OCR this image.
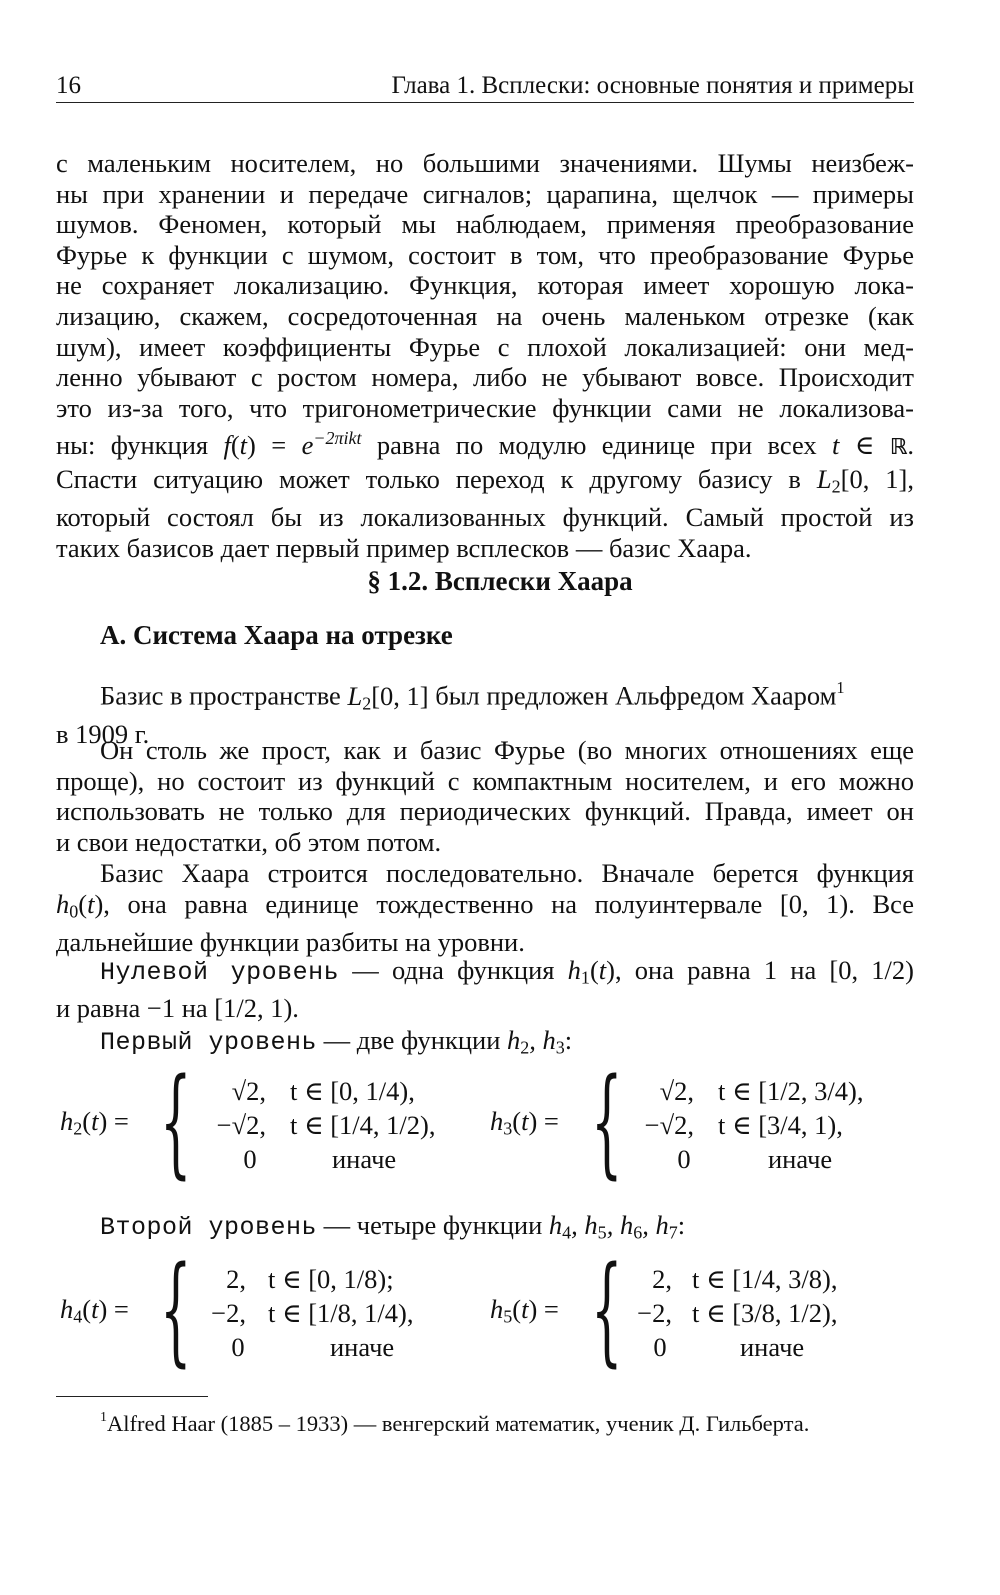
16	Глава 1. Всплески: основные понятия и примеры
с маленьким носителем, но большими значениями. Шумы неизбеж-
ны при хранении и передаче сигналов; царапина, щелчок — примеры
шумов. Феномен, который мы наблюдаем, применяя преобразование
Фурье к функции с шумом, состоит в том, что преобразование Фурье
не сохраняет локализацию. Функция, которая имеет хорошую лока-
лизацию, скажем, сосредоточенная на очень маленьком отрезке (как
шум), имеет коэффициенты Фурье с плохой локализацией: они мед-
ленно убывают с ростом номера, либо не убывают вовсе. Происходит
это из-за того, что тригонометрические функции сами не локализова-
ны: функция $f(t) = e^{-2\pi ikt}$ равна по модулю единице при всех t ∈ ℝ.
Спасти ситуацию может только переход к другому базису в $L_2[0$, 1],
который состоял бы из локализованных функций. Самый простой из
таких базисов дает первый пример всплесков — базис Хаара.
§ 1.2. Всплески Хаара
A. Система Хаара на отрезке
Базис в пространстве $L_2[0$, 1] был предложен Альфредом Хааром$^1$
в 1909 г.
Он столь же прост, как и базис Фурье (во многих отношениях еще
проще), но состоит из функций с компактным носителем, и его можно
использовать не только для периодических функций. Правда, имеет он
и свои недостатки, об этом потом.
Базис Хаара строится последовательно. Вначале берется функция
$h_0(t)$, она равна единице тождественно на полуинтервале [0, 1). Все
дальнейшие функции разбиты на уровни.
Нулевой уровень — одна функция $h_1(t)$, она равна 1 на [0, 1/2)
и равна −1 на [1/2, 1).
Первый уровень — две функции $h_2$, $h_3$:
$h_2(t)$ = {	√2, t ∈ [0, 1/4),
−√2, t ∈ [1/4, 1/2),
0	иначе
$h_3(t)$ = {	√2, t ∈ [1/2, 3/4),
−√2, t ∈ [3/4, 1),
0	иначе
Второй уровень — четыре функции $h_4$, $h_5$, $h_6$, $h_7$:
$h_4(t)$ = {	2, t ∈ [0, 1/8);
−2, t ∈ [1/8, 1/4),
0	иначе
$h_5(t)$ = {	2, t ∈ [1/4, 3/8),
−2, t ∈ [3/8, 1/2),
0	иначе
$^1$Alfred Haar (1885 – 1933) — венгерский математик, ученик Д. Гильберта.
